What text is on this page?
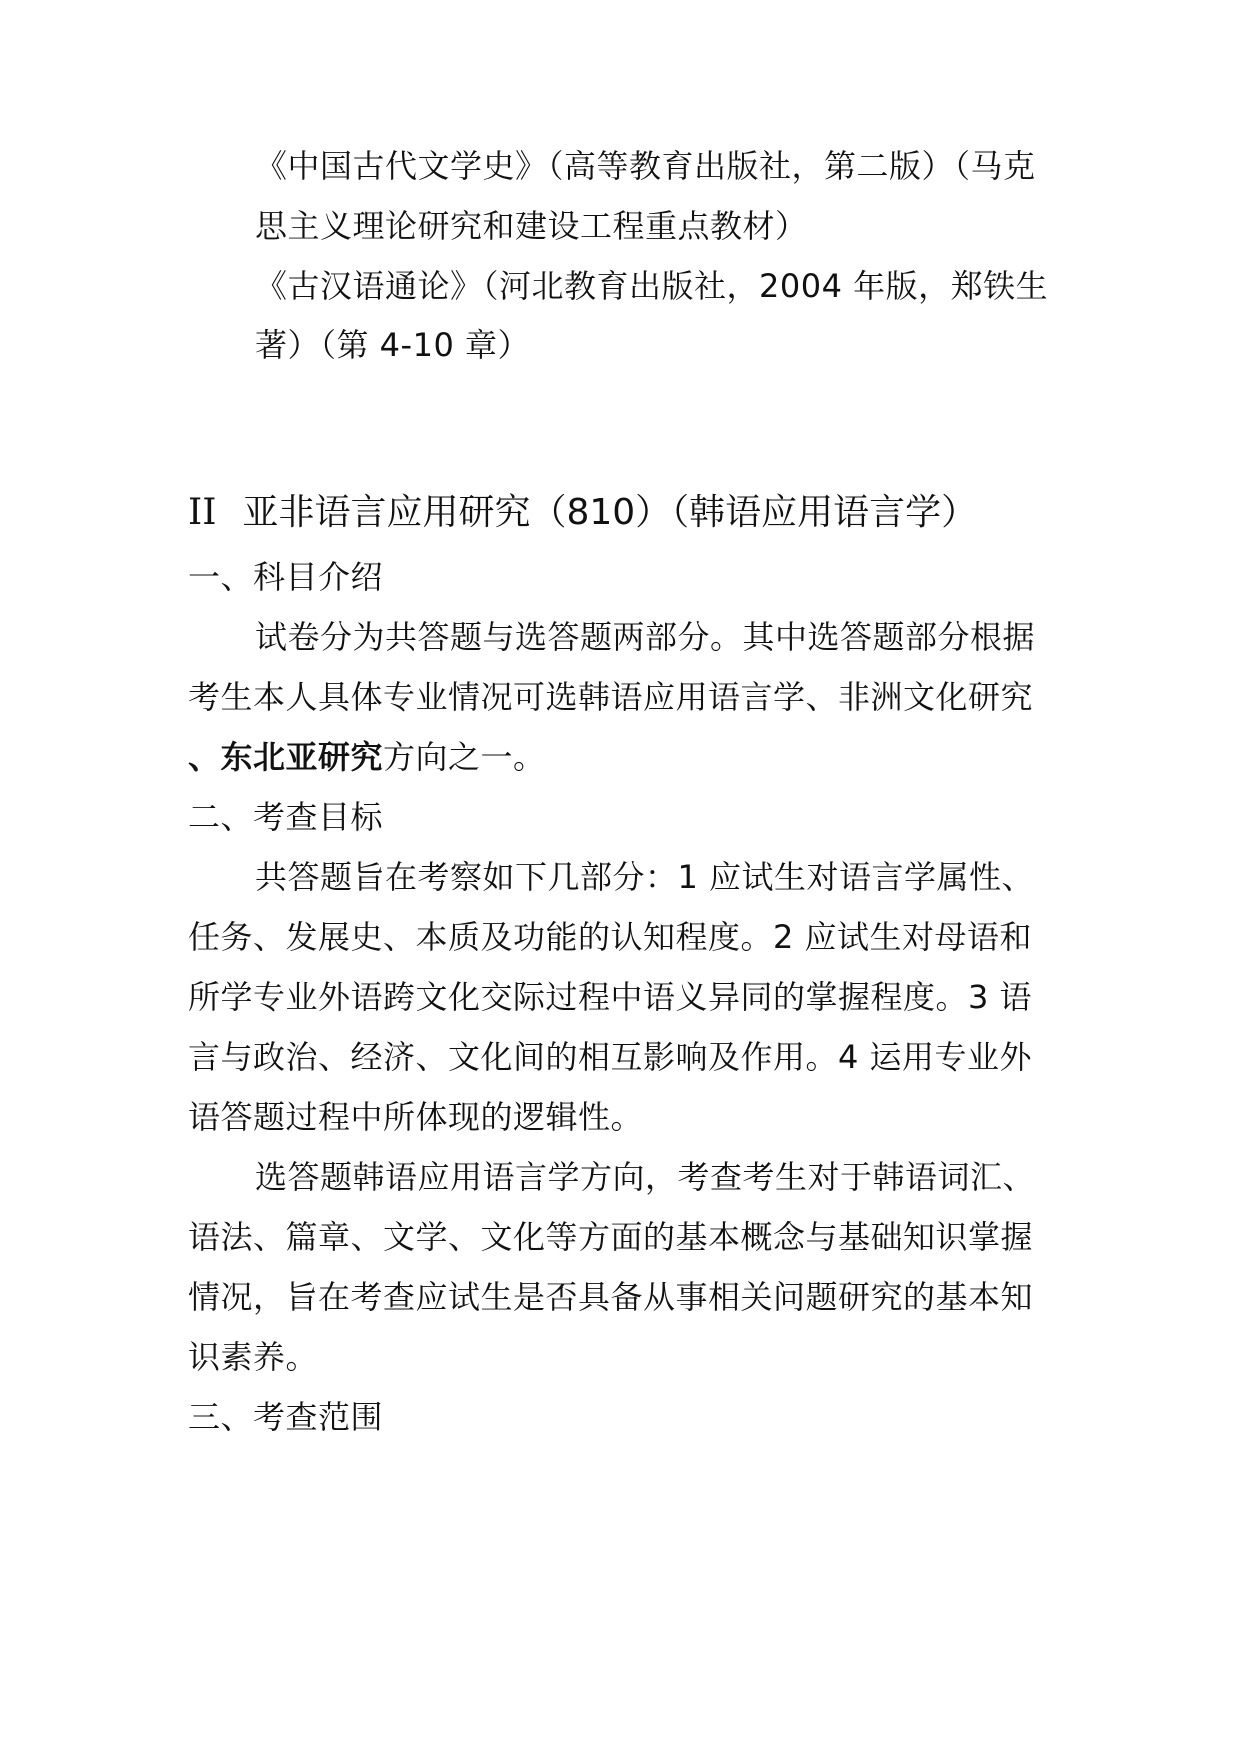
《中国古代文学史》（高等教育出版社，第二版）（马克
思主义理论研究和建设工程重点教材）
《古汉语通论》（河北教育出版社，2004 年版，郑铁生
著）（第 4-10 章）
II 亚非语言应用研究（810）（韩语应用语言学）
一、科目介绍
试卷分为共答题与选答题两部分。其中选答题部分根据
考生本人具体专业情况可选韩语应用语言学、非洲文化研究
、东北亚研究方向之一。
二、考查目标
共答题旨在考察如下几部分：1 应试生对语言学属性、
任务、发展史、本质及功能的认知程度。2 应试生对母语和
所学专业外语跨文化交际过程中语义异同的掌握程度。3 语
言与政治、经济、文化间的相互影响及作用。4 运用专业外
语答题过程中所体现的逻辑性。
选答题韩语应用语言学方向，考查考生对于韩语词汇、
语法、篇章、文学、文化等方面的基本概念与基础知识掌握
情况，旨在考查应试生是否具备从事相关问题研究的基本知
识素养。
三、考查范围
